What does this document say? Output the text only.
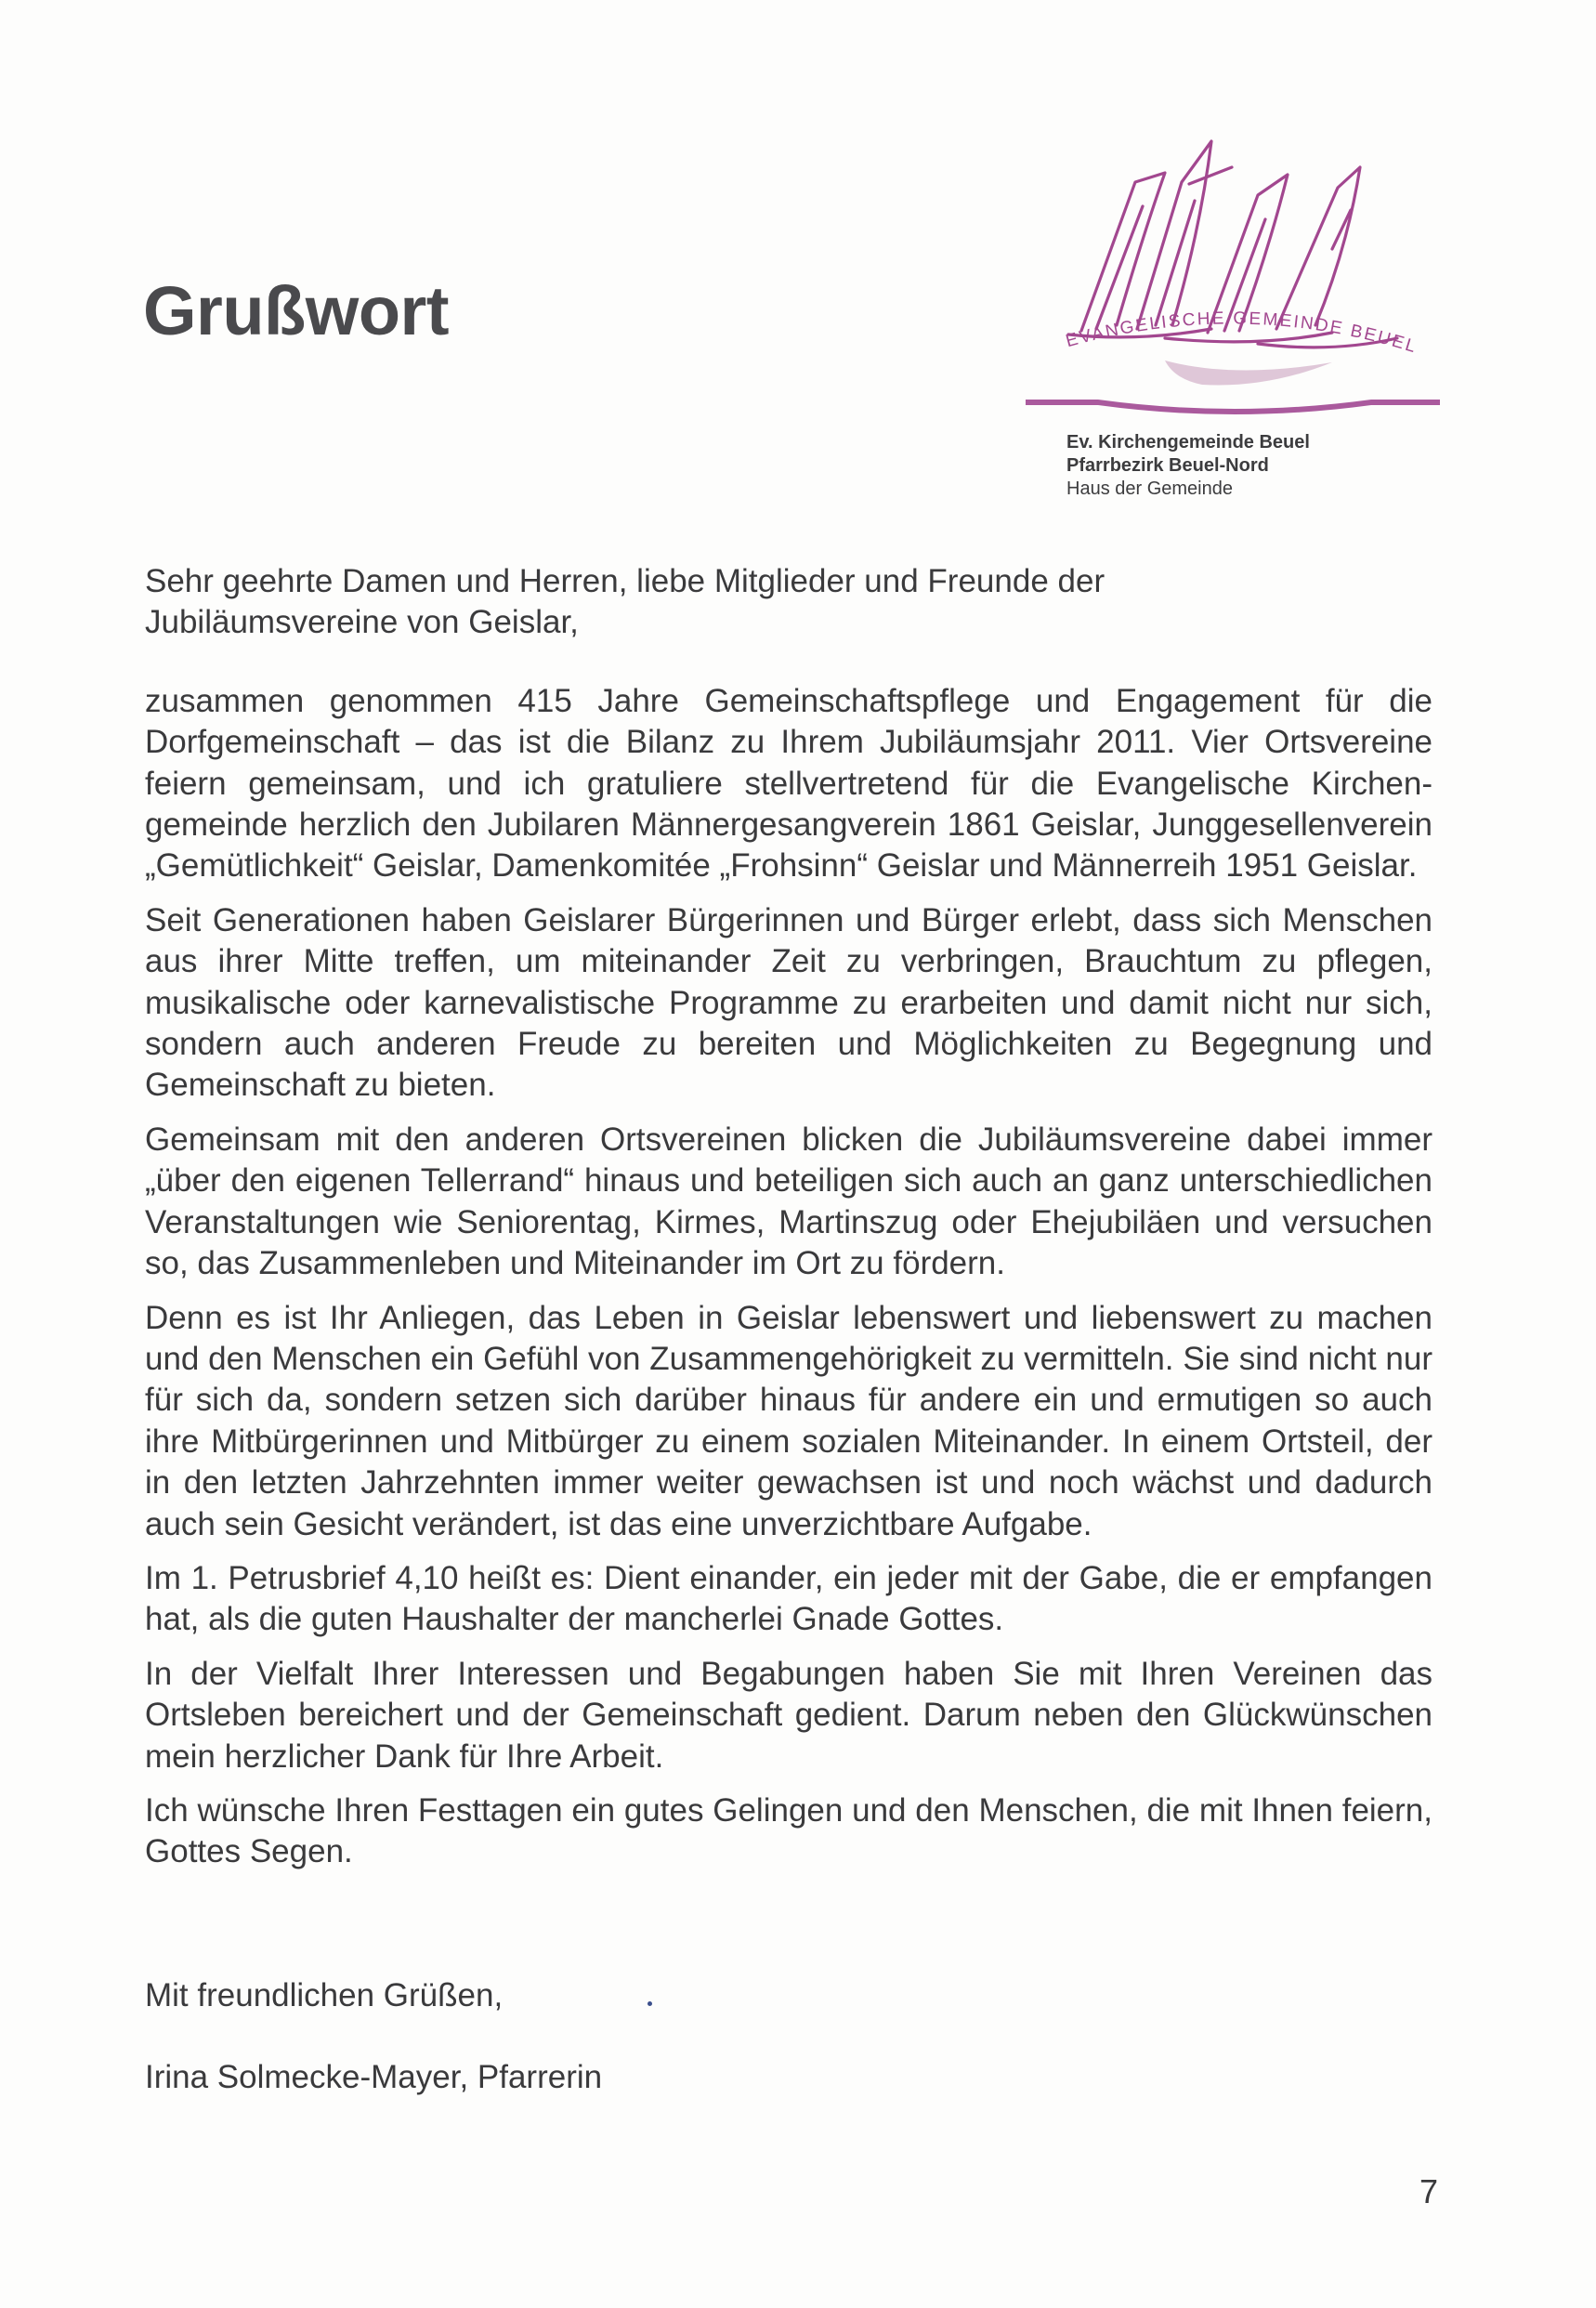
Grußwort	EVANGELISCHE GEMEINDE BEUEL
Ev. Kirchengemeinde Beuel
Pfarrbezirk Beuel-Nord
Haus der Gemeinde

Sehr geehrte Damen und Herren, liebe Mitglieder und Freunde der Jubiläumsvereine von Geislar,

zusammen genommen 415 Jahre Gemeinschaftspflege und Engagement für die Dorfgemeinschaft – das ist die Bilanz zu Ihrem Jubiläumsjahr 2011. Vier Ortsvereine feiern gemeinsam, und ich gratuliere stellvertretend für die Evangelische Kirchengemeinde herzlich den Jubilaren Männergesangverein 1861 Geislar, Junggesellenverein „Gemütlichkeit“ Geislar, Damenkomitée „Frohsinn“ Geislar und Männerreih 1951 Geislar.

Seit Generationen haben Geislarer Bürgerinnen und Bürger erlebt, dass sich Menschen aus ihrer Mitte treffen, um miteinander Zeit zu verbringen, Brauchtum zu pflegen, musikalische oder karnevalistische Programme zu erarbeiten und damit nicht nur sich, sondern auch anderen Freude zu bereiten und Möglichkeiten zu Begegnung und Gemeinschaft zu bieten.

Gemeinsam mit den anderen Ortsvereinen blicken die Jubiläumsvereine dabei immer „über den eigenen Tellerrand“ hinaus und beteiligen sich auch an ganz unterschiedlichen Veranstaltungen wie Seniorentag, Kirmes, Martinszug oder Ehejubiläen und versuchen so, das Zusammenleben und Miteinander im Ort zu fördern.

Denn es ist Ihr Anliegen, das Leben in Geislar lebenswert und liebenswert zu machen und den Menschen ein Gefühl von Zusammengehörigkeit zu vermitteln. Sie sind nicht nur für sich da, sondern setzen sich darüber hinaus für andere ein und ermutigen so auch ihre Mitbürgerinnen und Mitbürger zu einem sozialen Miteinander. In einem Ortsteil, der in den letzten Jahrzehnten immer weiter gewachsen ist und noch wächst und dadurch auch sein Gesicht verändert, ist das eine unverzichtbare Aufgabe.

Im 1. Petrusbrief 4,10 heißt es: Dient einander, ein jeder mit der Gabe, die er empfangen hat, als die guten Haushalter der mancherlei Gnade Gottes.

In der Vielfalt Ihrer Interessen und Begabungen haben Sie mit Ihren Vereinen das Ortsleben bereichert und der Gemeinschaft gedient. Darum neben den Glückwünschen mein herzlicher Dank für Ihre Arbeit.

Ich wünsche Ihren Festtagen ein gutes Gelingen und den Menschen, die mit Ihnen feiern, Gottes Segen.

Mit freundlichen Grüßen,

Irina Solmecke-Mayer, Pfarrerin

7
